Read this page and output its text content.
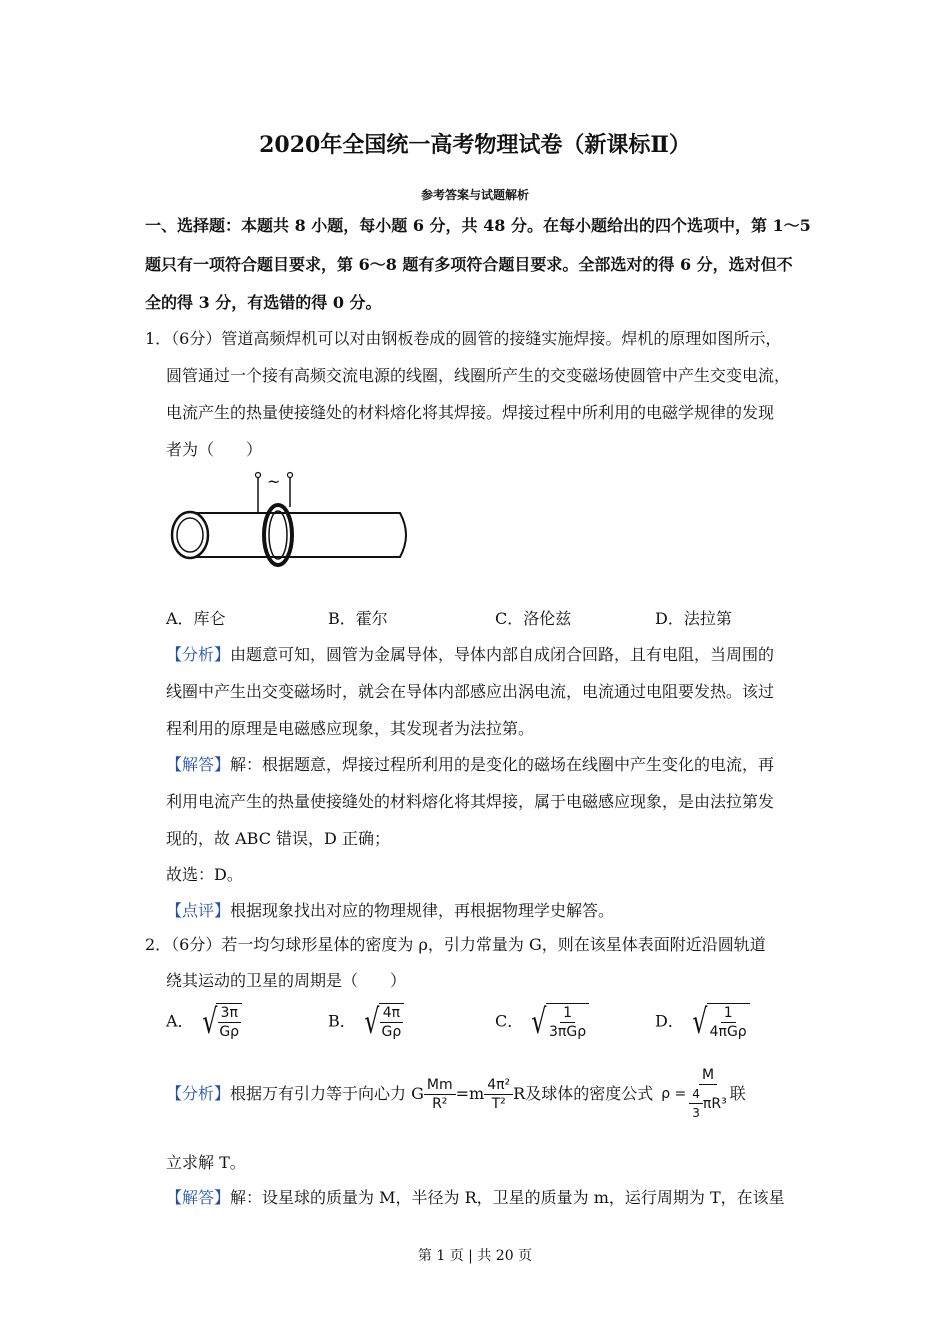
2020年全国统一高考物理试卷（新课标Ⅱ）
参考答案与试题解析
一、选择题：本题共 8 小题，每小题 6 分，共 48 分。在每小题给出的四个选项中，第 1～5
题只有一项符合题目要求，第 6～8 题有多项符合题目要求。全部选对的得 6 分，选对但不
全的得 3 分，有选错的得 0 分。
1．（6分）管道高频焊机可以对由钢板卷成的圆管的接缝实施焊接。焊机的原理如图所示，
圆管通过一个接有高频交流电源的线圈，线圈所产生的交变磁场使圆管中产生交变电流，
电流产生的热量使接缝处的材料熔化将其焊接。焊接过程中所利用的电磁学规律的发现
者为（　　）
~
A．库仑	B．霍尔	C．洛伦兹	D．法拉第
【分析】由题意可知，圆管为金属导体，导体内部自成闭合回路，且有电阻，当周围的
线圈中产生出交变磁场时，就会在导体内部感应出涡电流，电流通过电阻要发热。该过
程利用的原理是电磁感应现象，其发现者为法拉第。
【解答】解：根据题意，焊接过程所利用的是变化的磁场在线圈中产生变化的电流，再
利用电流产生的热量使接缝处的材料熔化将其焊接，属于电磁感应现象，是由法拉第发
现的，故 ABC 错误，D 正确；
故选：D。
【点评】根据现象找出对应的物理规律，再根据物理学史解答。
2．（6分）若一均匀球形星体的密度为 ρ，引力常量为 G，则在该星体表面附近沿圆轨道
绕其运动的卫星的周期是（　　）
A． √ $\frac{3\pi}{G\rho}$	B． √ $\frac{4\pi}{G\rho}$	C． √ $\frac{1}{\text{3πGρ}}$	D． √ $\frac{1}{\text{4πGρ}}$
【分析】 根据万有引力等于向心力 G $\frac{Mm}{\text{R²}} =m \frac{\text{4π²}}{\text{T²}}$ R 及球体的密度公式 $\rho = \frac{M}{\frac{4}{3} \pi R^3}$ 联
立求解 T。
【解答】解：设星球的质量为 M，半径为 R，卫星的质量为 m，运行周期为 T，在该星
第 1 页 | 共 20 页
